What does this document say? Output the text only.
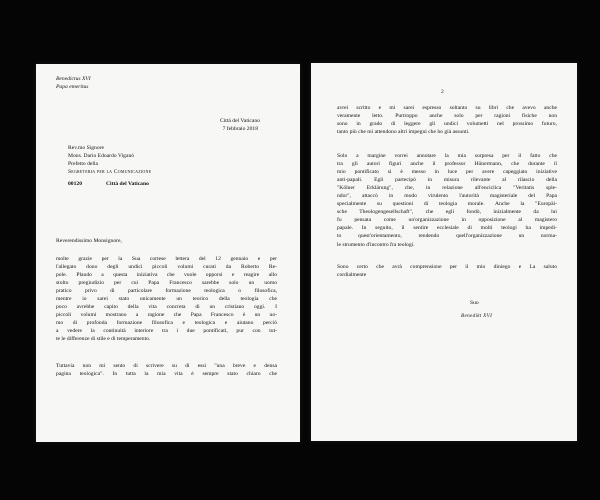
Benedictus XVI
Papa emeritus
Città del Vaticano
7 febbraio 2018
Rev.mo Signore
Mons. Dario Edoardo Viganò
Prefetto della
Segreteria per la Comunicazione
00120	Città del Vaticano
Reverendissimo Monsignore,
molte grazie per la Sua cortese lettera del 12 gennaio e per
l'allegato dono degli undici piccoli volumi curati da Roberto Re-
pole. Plaudo a questa iniziativa che vuole opporsi e reagire allo
stolto pregiudizio per cui Papa Francesco sarebbe solo un uomo
pratico privo di particolare formazione teologica o filosofica,
mentre io sarei stato unicamente un teorico della teologia che
poco avrebbe capito della vita concreta di un cristiano oggi. I
piccoli volumi mostrano a ragione che Papa Francesco è un uo-
mo di profonda formazione filosofica e teologica e aiutano perciò
a vedere la continuità interiore tra i due pontificati, pur con tut-
te le differenze di stile e di temperamento.
Tuttavia non mi sento di scrivere su di essi "una breve e densa
pagina teologica". In tutta la mia vita è sempre stato chiaro che
2
avrei scritto e mi sarei espresso soltanto su libri che avevo anche
veramente letto. Purtroppo anche solo per ragioni fisiche non
sono in grado di leggere gli undici volumetti nel prossimo futuro,
tanto più che mi attendono altri impegni che ho già assunti.
Solo a margine vorrei annotare la mia sorpresa per il fatto che
tra gli autori figuri anche il professor Hünermann, che durante il
mio pontificato si è messo in luce per avere capeggiato iniziative
anti-papali. Egli partecipò in misura rilevante al rilascio della
"Kölner Erklärung", che, in relazione all'enciclica "Veritatis sple-
ndor", attaccò in modo virulento l'autorità magisteriale del Papa
specialmente su questioni di teologia morale. Anche la "Europäi-
sche Theologengesellschaft", che egli fondò, inizialmente da lui
fu pensata come un'organizzazione in opposizione al magistero
papale. In seguito, il sentire ecclesiale di molti teologi ha impedi-
to quest'orientamento, rendendo quell'organizzazione un norma-
le strumento d'incontro fra teologi.
Sono certo che avrà comprensione per il mio diniego e La saluto
cordialmente
Suo
Benedikt XVI
